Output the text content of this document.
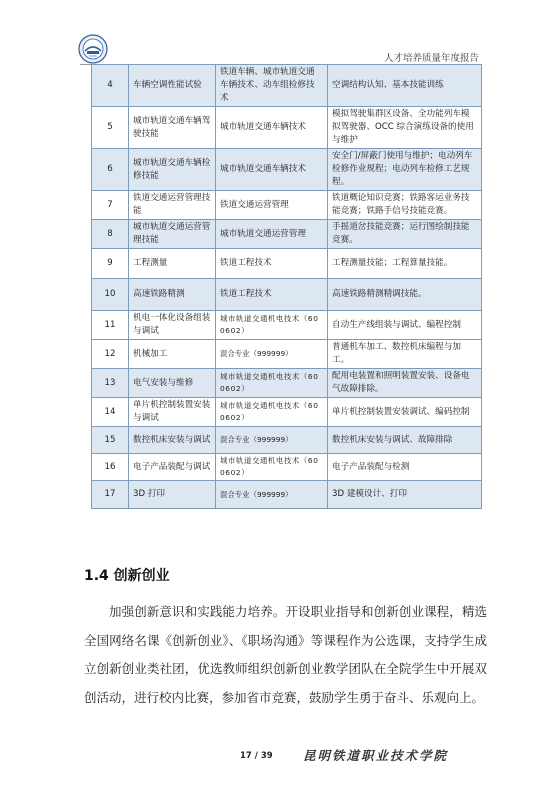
人才培养质量年度报告
4	车辆空调性能试验	铁道车辆、城市轨道交通车辆技术、动车组检修技术	空调结构认知、基本技能训练
5	城市轨道交通车辆驾驶技能	城市轨道交通车辆技术	模拟驾驶集群区设备、全功能列车模拟驾驶器、OCC 综合演练设备的使用与维护
6	城市轨道交通车辆检修技能	城市轨道交通车辆技术	安全门/屏蔽门使用与维护；电动列车检修作业规程；电动列车检修工艺规程。
7	铁道交通运营管理技能	铁道交通运营管理	铁道概论知识竞赛；铁路客运业务技能竞赛；铁路手信号技能竞赛。
8	城市轨道交通运营管理技能	城市轨道交通运营管理	手摇道岔技能竞赛；运行图绘制技能竞赛。
9	工程测量	铁道工程技术	工程测量技能；工程算量技能。
10	高速铁路精测	铁道工程技术	高速铁路精测精调技能。
11	机电一体化设备组装与调试	城市轨道交通机电技术（600602）	自动生产线组装与调试、编程控制
12	机械加工	混合专业（999999）	普通机车加工、数控机床编程与加工。
13	电气安装与维修	城市轨道交通机电技术（600602）	配用电装置和照明装置安装、设备电气故障排除。
14	单片机控制装置安装与调试	城市轨道交通机电技术（600602）	单片机控制装置安装调试、编码控制
15	数控机床安装与调试	混合专业（999999）	数控机床安装与调试、故障排除
16	电子产品装配与调试	城市轨道交通机电技术（600602）	电子产品装配与检测
17	3D 打印	混合专业（999999）	3D 建模设计、打印
1.4 创新创业
加强创新意识和实践能力培养。开设职业指导和创新创业课程，精选全国网络名课《创新创业》、《职场沟通》等课程作为公选课，支持学生成立创新创业类社团，优选教师组织创新创业教学团队在全院学生中开展双创活动，进行校内比赛，参加省市竞赛，鼓励学生勇于奋斗、乐观向上。
17 / 39 昆明铁道职业技术学院
